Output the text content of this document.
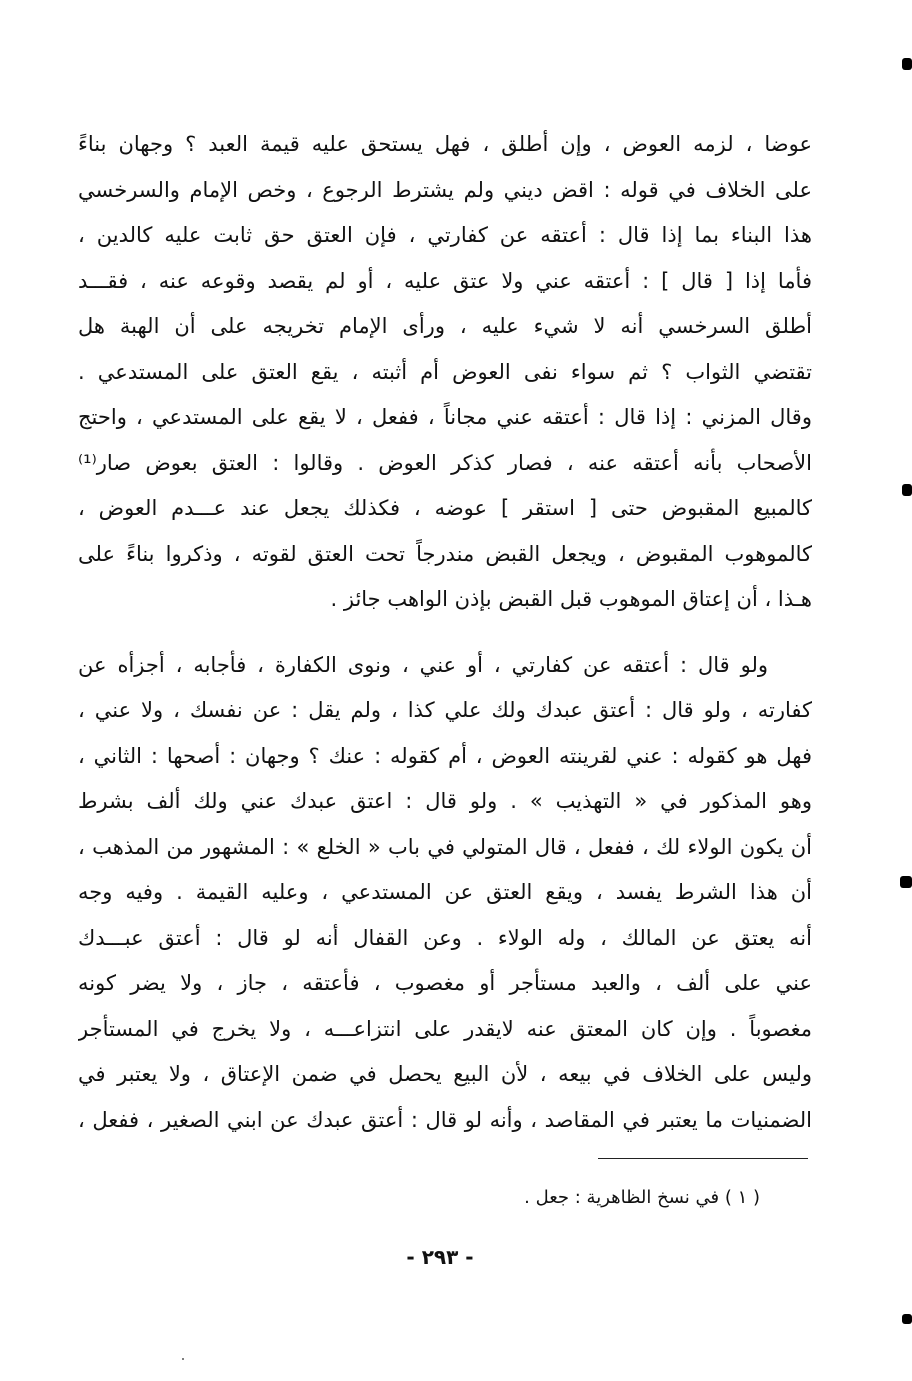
عوضا ، لزمه العوض ، وإن أطلق ، فهل يستحق عليه قيمة العبد ؟ وجهان بناءً
على الخلاف في قوله : اقض ديني ولم يشترط الرجوع ، وخص الإمام والسرخسي
هذا البناء بما إذا قال : أعتقه عن كفارتي ، فإن العتق حق ثابت عليه كالدين ،
فأما إذا [ قال ] : أعتقه عني ولا عتق عليه ، أو لم يقصد وقوعه عنه ، فقـــد
أطلق السرخسي أنه لا شيء عليه ، ورأى الإمام تخريجه على أن الهبة هل
تقتضي الثواب ؟ ثم سواء نفى العوض أم أثبته ، يقع العتق على المستدعي .
وقال المزني : إذا قال : أعتقه عني مجاناً ، ففعل ، لا يقع على المستدعي ، واحتج
الأصحاب بأنه أعتقه عنه ، فصار كذكر العوض . وقالوا : العتق بعوض صار⁽¹⁾
كالمبيع المقبوض حتى [ استقر ] عوضه ، فكذلك يجعل عند عـــدم العوض ،
كالموهوب المقبوض ، ويجعل القبض مندرجاً تحت العتق لقوته ، وذكروا بناءً على
هـذا ، أن إعتاق الموهوب قبل القبض بإذن الواهب جائز .
ولو قال : أعتقه عن كفارتي ، أو عني ، ونوى الكفارة ، فأجابه ، أجزأه عن
كفارته ، ولو قال : أعتق عبدك ولك علي كذا ، ولم يقل : عن نفسك ، ولا عني ،
فهل هو كقوله : عني لقرينته العوض ، أم كقوله : عنك ؟ وجهان : أصحها : الثاني ،
وهو المذكور في « التهذيب » . ولو قال : اعتق عبدك عني ولك ألف بشرط
أن يكون الولاء لك ، ففعل ، قال المتولي في باب « الخلع » : المشهور من المذهب ،
أن هذا الشرط يفسد ، ويقع العتق عن المستدعي ، وعليه القيمة . وفيه وجه
أنه يعتق عن المالك ، وله الولاء . وعن القفال أنه لو قال : أعتق عبـــدك
عني على ألف ، والعبد مستأجر أو مغصوب ، فأعتقه ، جاز ، ولا يضر كونه
مغصوباً . وإن كان المعتق عنه لايقدر على انتزاعـــه ، ولا يخرج في المستأجر
وليس على الخلاف في بيعه ، لأن البيع يحصل في ضمن الإعتاق ، ولا يعتبر في
الضمنيات ما يعتبر في المقاصد ، وأنه لو قال : أعتق عبدك عن ابني الصغير ، ففعل ،
( ١ ) في نسخ الظاهرية : جعل .
- ٢٩٣ -
